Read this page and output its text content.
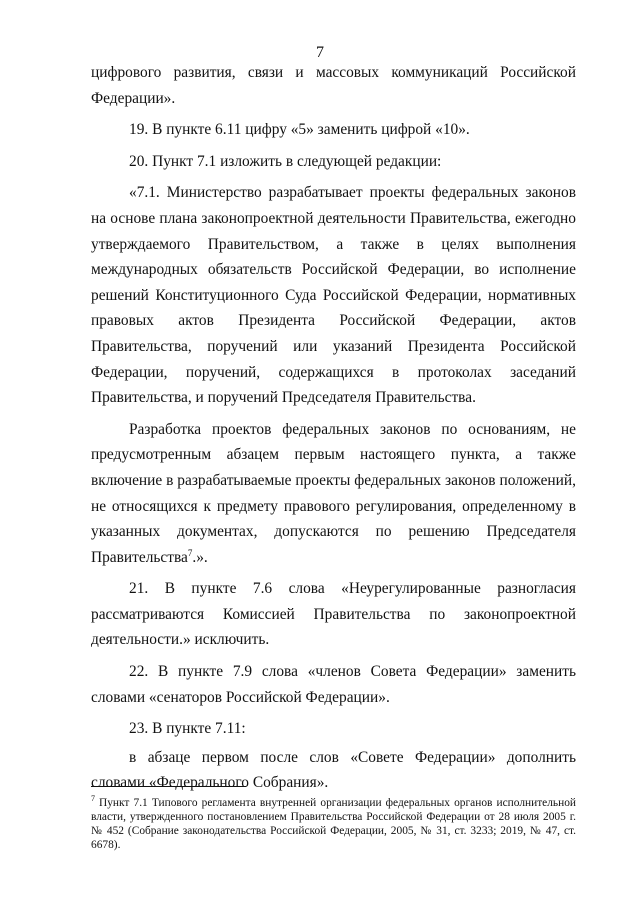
7

цифрового развития, связи и массовых коммуникаций Российской Федерации».

19. В пункте 6.11 цифру «5» заменить цифрой «10».

20. Пункт 7.1 изложить в следующей редакции:

«7.1. Министерство разрабатывает проекты федеральных законов на основе плана законопроектной деятельности Правительства, ежегодно утверждаемого Правительством, а также в целях выполнения международных обязательств Российской Федерации, во исполнение решений Конституционного Суда Российской Федерации, нормативных правовых актов Президента Российской Федерации, актов Правительства, поручений или указаний Президента Российской Федерации, поручений, содержащихся в протоколах заседаний Правительства, и поручений Председателя Правительства.

Разработка проектов федеральных законов по основаниям, не предусмотренным абзацем первым настоящего пункта, а также включение в разрабатываемые проекты федеральных законов положений, не относящихся к предмету правового регулирования, определенному в указанных документах, допускаются по решению Председателя Правительства$^7$.».

21. В пункте 7.6 слова «Неурегулированные разногласия рассматриваются Комиссией Правительства по законопроектной деятельности.» исключить.

22. В пункте 7.9 слова «членов Совета Федерации» заменить словами «сенаторов Российской Федерации».

23. В пункте 7.11:

в абзаце первом после слов «Совете Федерации» дополнить словами «Федерального Собрания».

$^7$ Пункт 7.1 Типового регламента внутренней организации федеральных органов исполнительной власти, утвержденного постановлением Правительства Российской Федерации от 28 июля 2005 г. № 452 (Собрание законодательства Российской Федерации, 2005, № 31, ст. 3233; 2019, № 47, ст. 6678).
